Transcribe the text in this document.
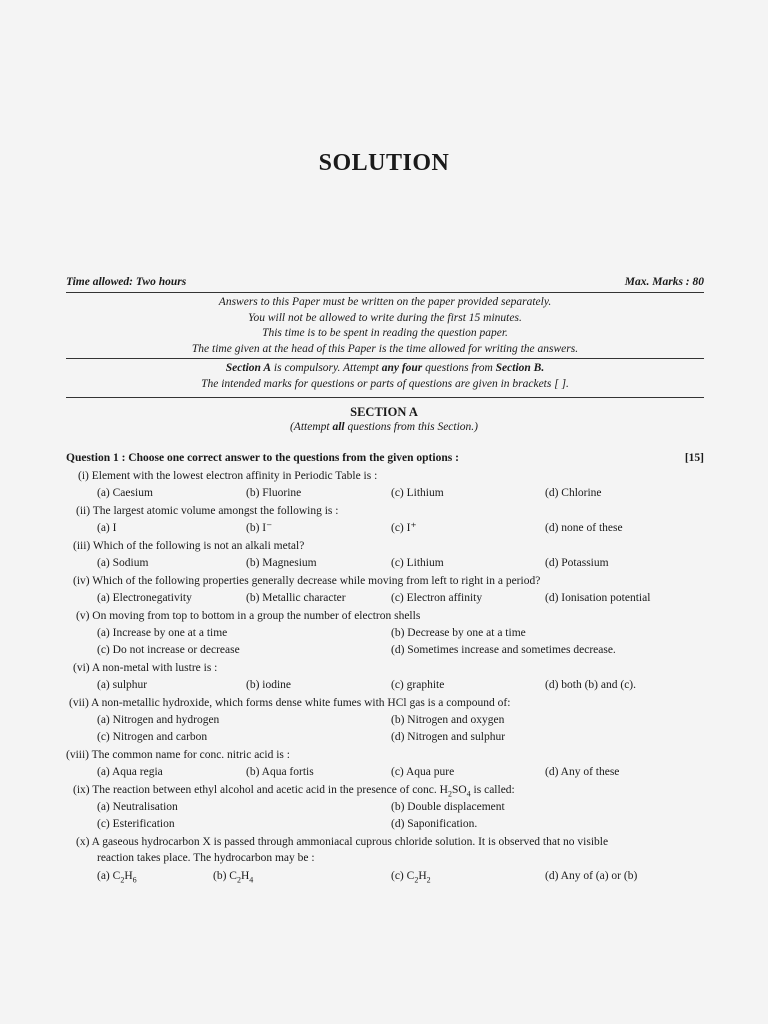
SOLUTION
Time allowed: Two hours	Max. Marks : 80
Answers to this Paper must be written on the paper provided separately.
You will not be allowed to write during the first 15 minutes.
This time is to be spent in reading the question paper.
The time given at the head of this Paper is the time allowed for writing the answers.
Section A is compulsory. Attempt any four questions from Section B.
The intended marks for questions or parts of questions are given in brackets [ ].
SECTION A
(Attempt all questions from this Section.)
Question 1 : Choose one correct answer to the questions from the given options :	[15]
(i) Element with the lowest electron affinity in Periodic Table is :
(a) Caesium	(b) Fluorine	(c) Lithium	(d) Chlorine
(ii) The largest atomic volume amongst the following is :
(a) I	(b) I⁻	(c) I⁺	(d) none of these
(iii) Which of the following is not an alkali metal?
(a) Sodium	(b) Magnesium	(c) Lithium	(d) Potassium
(iv) Which of the following properties generally decrease while moving from left to right in a period?
(a) Electronegativity	(b) Metallic character	(c) Electron affinity	(d) Ionisation potential
(v) On moving from top to bottom in a group the number of electron shells
(a) Increase by one at a time	(b) Decrease by one at a time
(c) Do not increase or decrease	(d) Sometimes increase and sometimes decrease.
(vi) A non-metal with lustre is :
(a) sulphur	(b) iodine	(c) graphite	(d) both (b) and (c).
(vii) A non-metallic hydroxide, which forms dense white fumes with HCl gas is a compound of:
(a) Nitrogen and hydrogen	(b) Nitrogen and oxygen
(c) Nitrogen and carbon	(d) Nitrogen and sulphur
(viii) The common name for conc. nitric acid is :
(a) Aqua regia	(b) Aqua fortis	(c) Aqua pure	(d) Any of these
(ix) The reaction between ethyl alcohol and acetic acid in the presence of conc. $H_2SO_4$ is called:
(a) Neutralisation	(b) Double displacement
(c) Esterification	(d) Saponification.
(x) A gaseous hydrocarbon X is passed through ammoniacal cuprous chloride solution. It is observed that no visible
reaction takes place. The hydrocarbon may be :
(a) $C_2H_6$	(b) $C_2H_4$	(c) $C_2H_2$	(d) Any of (a) or (b)
